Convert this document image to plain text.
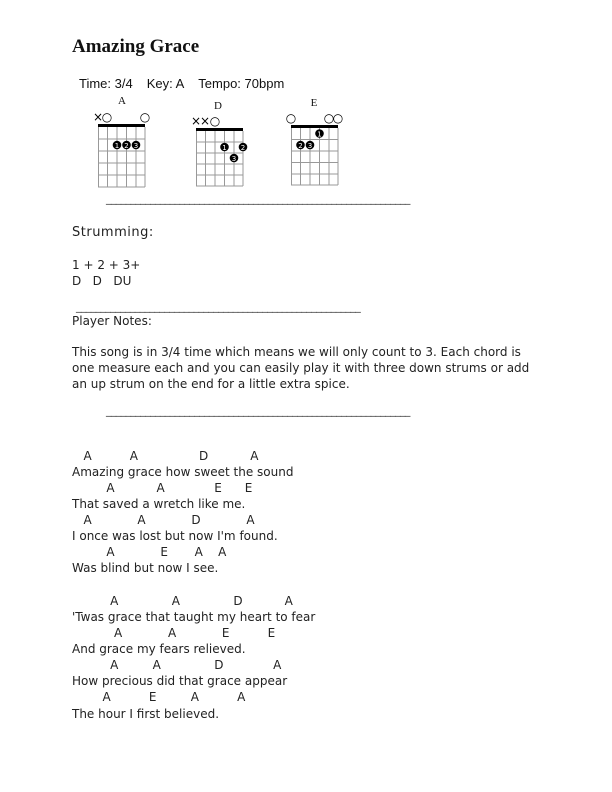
Amazing Grace

Time: 3/4 Key: A Tempo: 70bpm

A
×
○ ○
1 2 3
D
×
× ○
1 2
3
E
○ ○
○
1
2 3
______________________________________________________________
Strumming:
1 + 2 + 3+
D   D   DU
__________________________________________________________
Player Notes:
This song is in 3/4 time which means we will only count to 3. Each chord is one measure each and you can easily play it with three down strums or add an up strum on the end for a little extra spice.
______________________________________________________________
A          A                D           A
Amazing grace how sweet the sound
A           A             E      E
That saved a wretch like me.
A            A            D            A
I once was lost but now I'm found.
A            E       A    A
Was blind but now I see.
A              A              D           A
'Twas grace that taught my heart to fear
A            A            E          E
And grace my fears relieved.
A         A              D             A
How precious did that grace appear
A          E         A          A
The hour I first believed.
